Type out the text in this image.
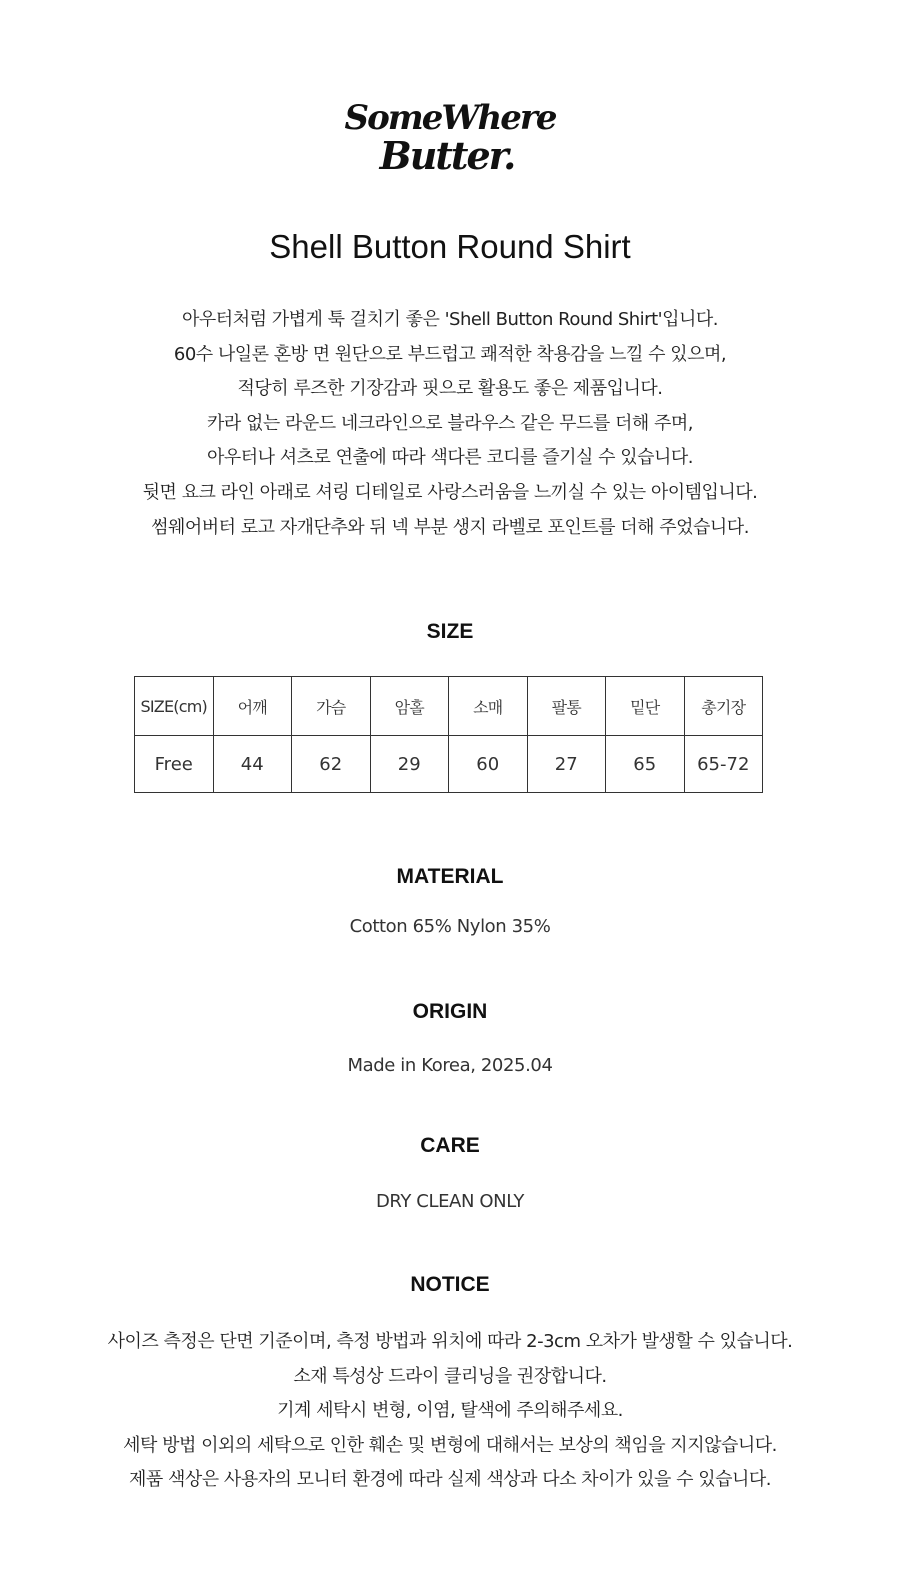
SomeWhere
Butter.
Shell Button Round Shirt
아우터처럼 가볍게 툭 걸치기 좋은 'Shell Button Round Shirt'입니다.
60수 나일론 혼방 면 원단으로 부드럽고 쾌적한 착용감을 느낄 수 있으며,
적당히 루즈한 기장감과 핏으로 활용도 좋은 제품입니다.
카라 없는 라운드 네크라인으로 블라우스 같은 무드를 더해 주며,
아우터나 셔츠로 연출에 따라 색다른 코디를 즐기실 수 있습니다.
뒷면 요크 라인 아래로 셔링 디테일로 사랑스러움을 느끼실 수 있는 아이템입니다.
썸웨어버터 로고 자개단추와 뒤 넥 부분 생지 라벨로 포인트를 더해 주었습니다.
SIZE
SIZE(cm)	어깨	가슴	암홀	소매	팔통	밑단	총기장
Free	44	62	29	60	27	65	65-72
MATERIAL
Cotton 65% Nylon 35%
ORIGIN
Made in Korea, 2025.04
CARE
DRY CLEAN ONLY
NOTICE
사이즈 측정은 단면 기준이며, 측정 방법과 위치에 따라 2-3cm 오차가 발생할 수 있습니다.
소재 특성상 드라이 클리닝을 권장합니다.
기계 세탁시 변형, 이염, 탈색에 주의해주세요.
세탁 방법 이외의 세탁으로 인한 훼손 및 변형에 대해서는 보상의 책임을 지지않습니다.
제품 색상은 사용자의 모니터 환경에 따라 실제 색상과 다소 차이가 있을 수 있습니다.
